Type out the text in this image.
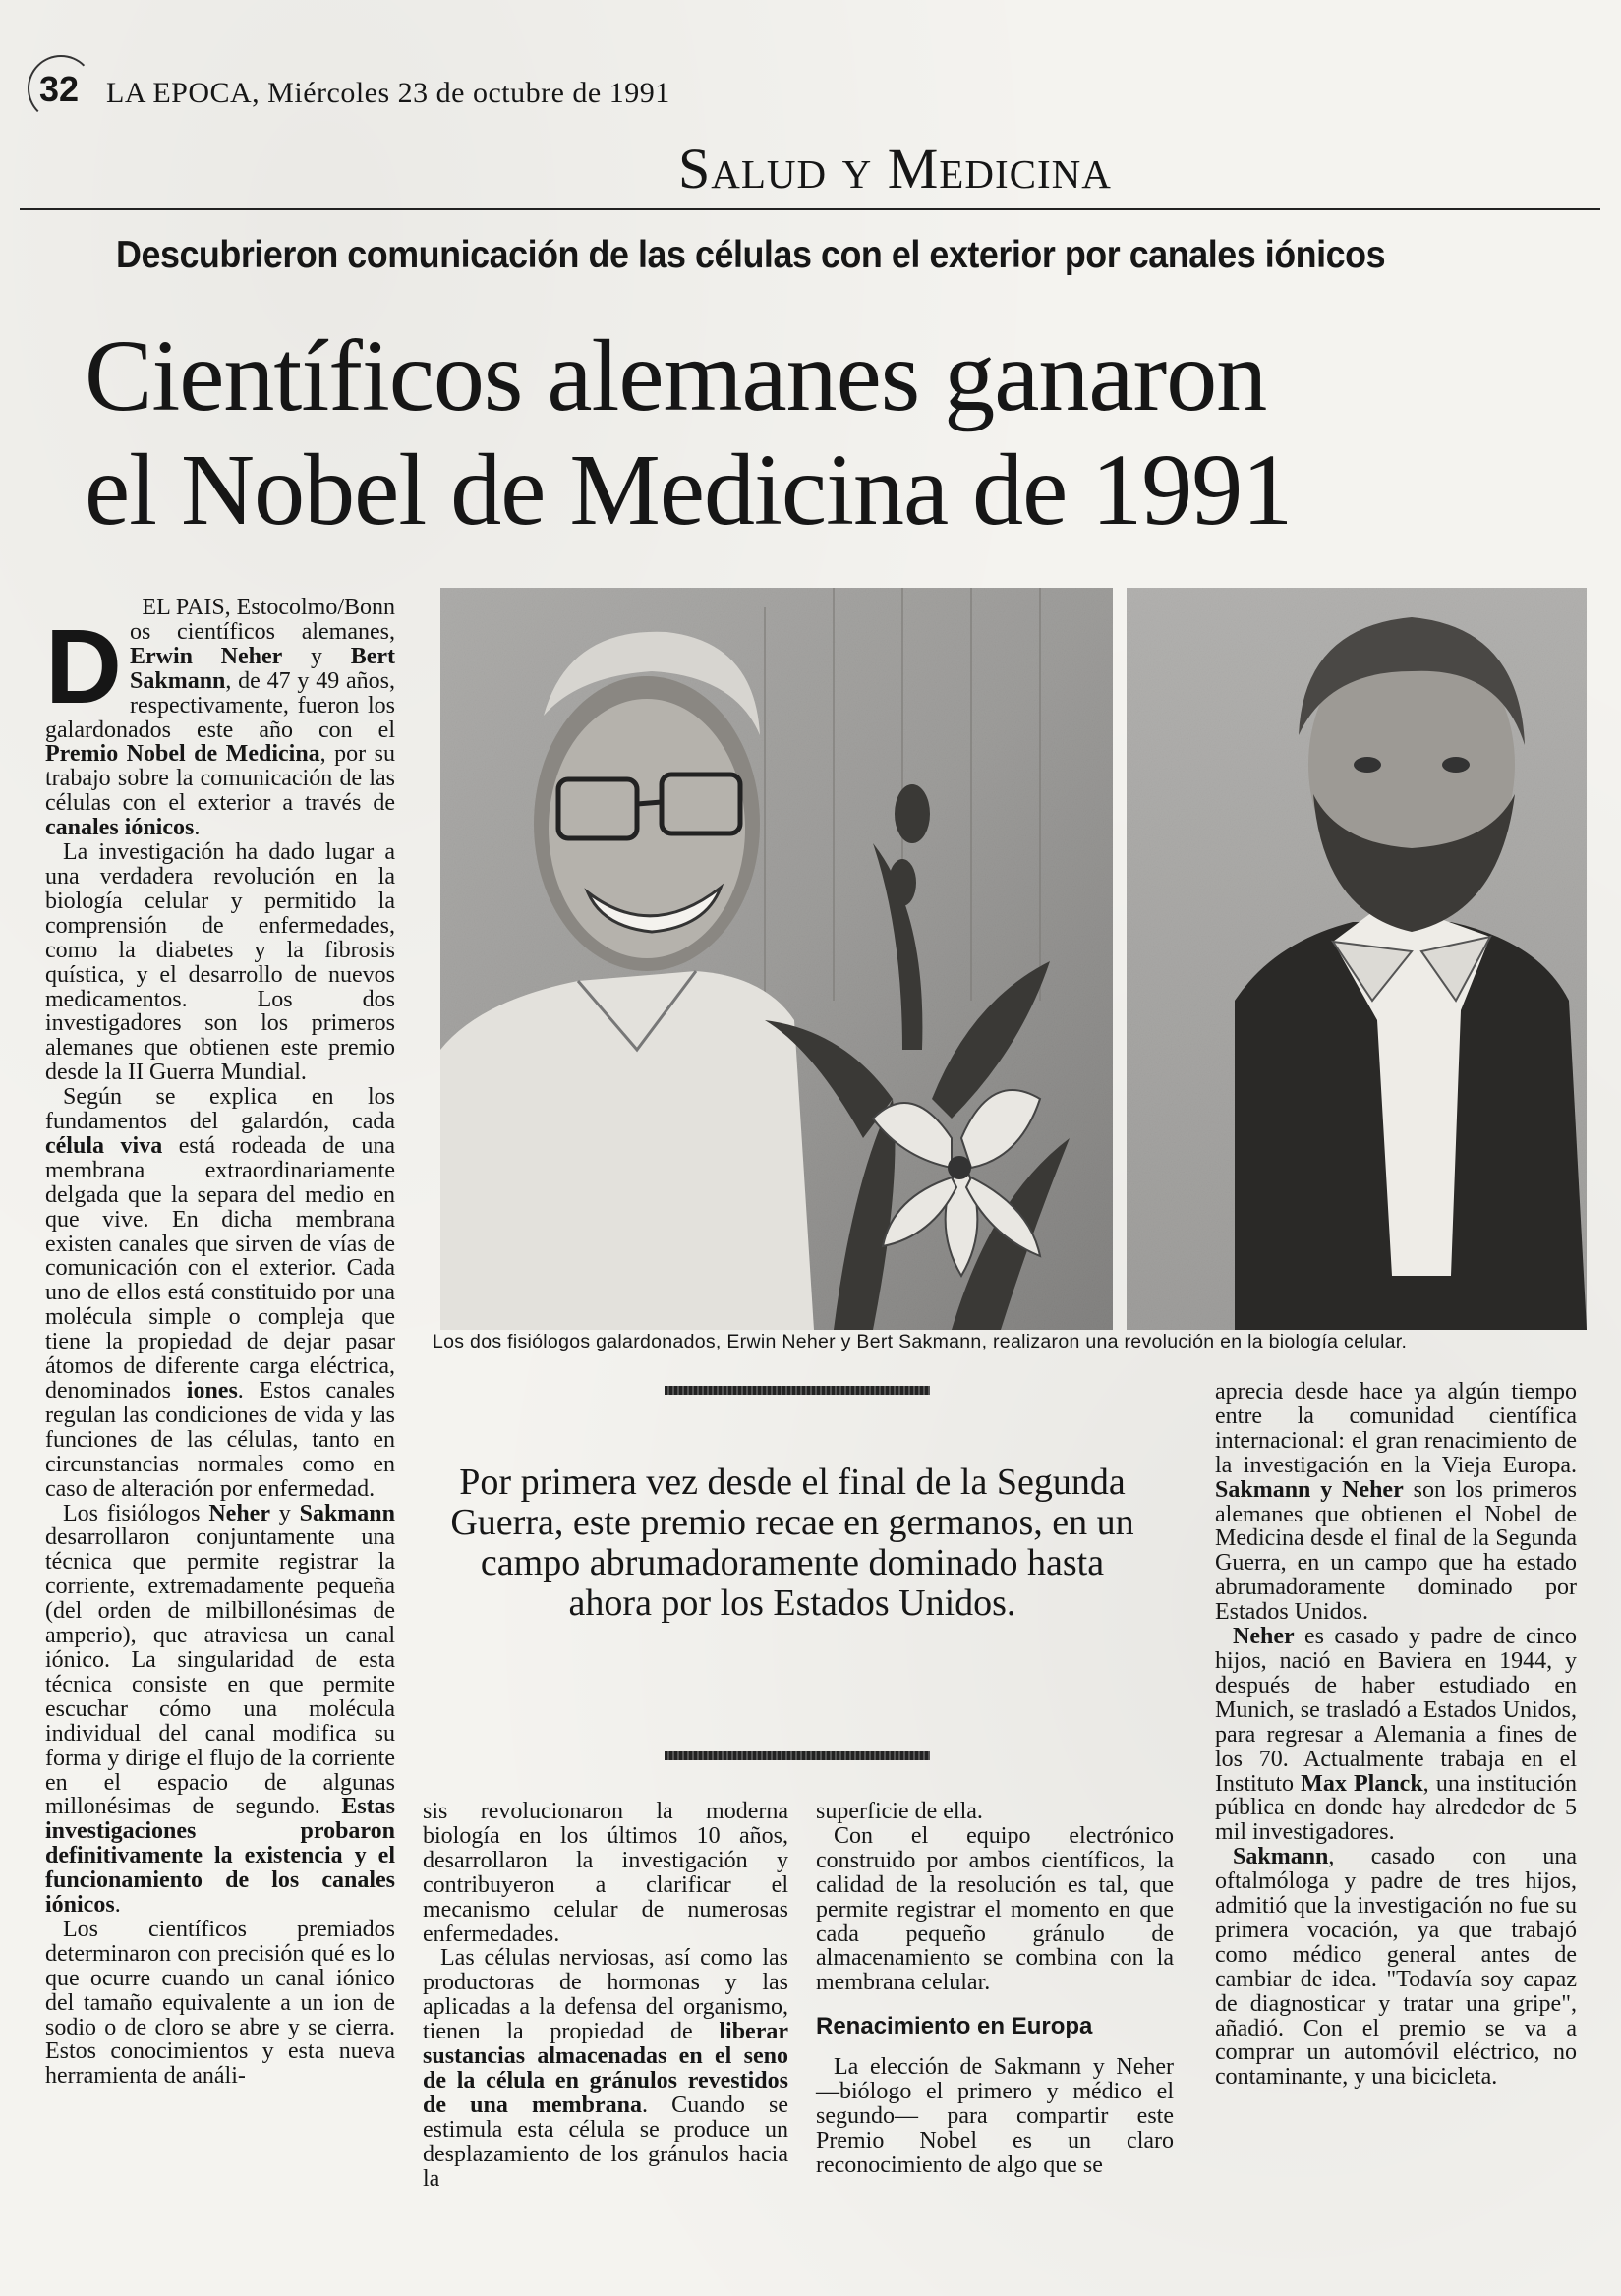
32 LA EPOCA, Miércoles 23 de octubre de 1991
Salud y Medicina
Descubrieron comunicación de las células con el exterior por canales iónicos
Científicos alemanes ganaron
el Nobel de Medicina de 1991

EL PAIS, Estocolmo/Bonn

Dos científicos alemanes, Erwin Neher y Bert Sakmann, de 47 y 49 años, respectivamente, fueron los galardonados este año con el Premio Nobel de Medicina, por su trabajo sobre la comunicación de las células con el exterior a través de canales iónicos.

La investigación ha dado lugar a una verdadera revolución en la biología celular y permitido la comprensión de enfermedades, como la diabetes y la fibrosis quística, y el desarrollo de nuevos medicamentos. Los dos investigadores son los primeros alemanes que obtienen este premio desde la II Guerra Mundial.

Según se explica en los fundamentos del galardón, cada célula viva está rodeada de una membrana extraordinariamente delgada que la separa del medio en que vive. En dicha membrana existen canales que sirven de vías de comunicación con el exterior. Cada uno de ellos está constituido por una molécula simple o compleja que tiene la propiedad de dejar pasar átomos de diferente carga eléctrica, denominados iones. Estos canales regulan las condiciones de vida y las funciones de las células, tanto en circunstancias normales como en caso de alteración por enfermedad.

Los fisiólogos Neher y Sakmann desarrollaron conjuntamente una técnica que permite registrar la corriente, extremadamente pequeña (del orden de milbillonésimas de amperio), que atraviesa un canal iónico. La singularidad de esta técnica consiste en que permite escuchar cómo una molécula individual del canal modifica su forma y dirige el flujo de la corriente en el espacio de algunas millonésimas de segundo. Estas investigaciones probaron definitivamente la existencia y el funcionamiento de los canales iónicos.

Los científicos premiados determinaron con precisión qué es lo que ocurre cuando un canal iónico del tamaño equivalente a un ion de sodio o de cloro se abre y se cierra. Estos conocimientos y esta nueva herramienta de análi-

Los dos fisiólogos galardonados, Erwin Neher y Bert Sakmann, realizaron una revolución en la biología celular.
Por primera vez desde el final de la Segunda Guerra, este premio recae en germanos, en un campo abrumadoramente dominado hasta ahora por los Estados Unidos.

sis revolucionaron la moderna biología en los últimos 10 años, desarrollaron la investigación y contribuyeron a clarificar el mecanismo celular de numerosas enfermedades.

Las células nerviosas, así como las productoras de hormonas y las aplicadas a la defensa del organismo, tienen la propiedad de liberar sustancias almacenadas en el seno de la célula en gránulos revestidos de una membrana. Cuando se estimula esta célula se produce un desplazamiento de los gránulos hacia la

superficie de ella.

Con el equipo electrónico construido por ambos científicos, la calidad de la resolución es tal, que permite registrar el momento en que cada pequeño gránulo de almacenamiento se combina con la membrana celular.

Renacimiento en Europa

La elección de Sakmann y Neher —biólogo el primero y médico el segundo— para compartir este Premio Nobel es un claro reconocimiento de algo que se

aprecia desde hace ya algún tiempo entre la comunidad científica internacional: el gran renacimiento de la investigación en la Vieja Europa. Sakmann y Neher son los primeros alemanes que obtienen el Nobel de Medicina desde el final de la Segunda Guerra, en un campo que ha estado abrumadoramente dominado por Estados Unidos.

Neher es casado y padre de cinco hijos, nació en Baviera en 1944, y después de haber estudiado en Munich, se trasladó a Estados Unidos, para regresar a Alemania a fines de los 70. Actualmente trabaja en el Instituto Max Planck, una institución pública en donde hay alrededor de 5 mil investigadores.

Sakmann, casado con una oftalmóloga y padre de tres hijos, admitió que la investigación no fue su primera vocación, ya que trabajó como médico general antes de cambiar de idea. "Todavía soy capaz de diagnosticar y tratar una gripe", añadió. Con el premio se va a comprar un automóvil eléctrico, no contaminante, y una bicicleta.
